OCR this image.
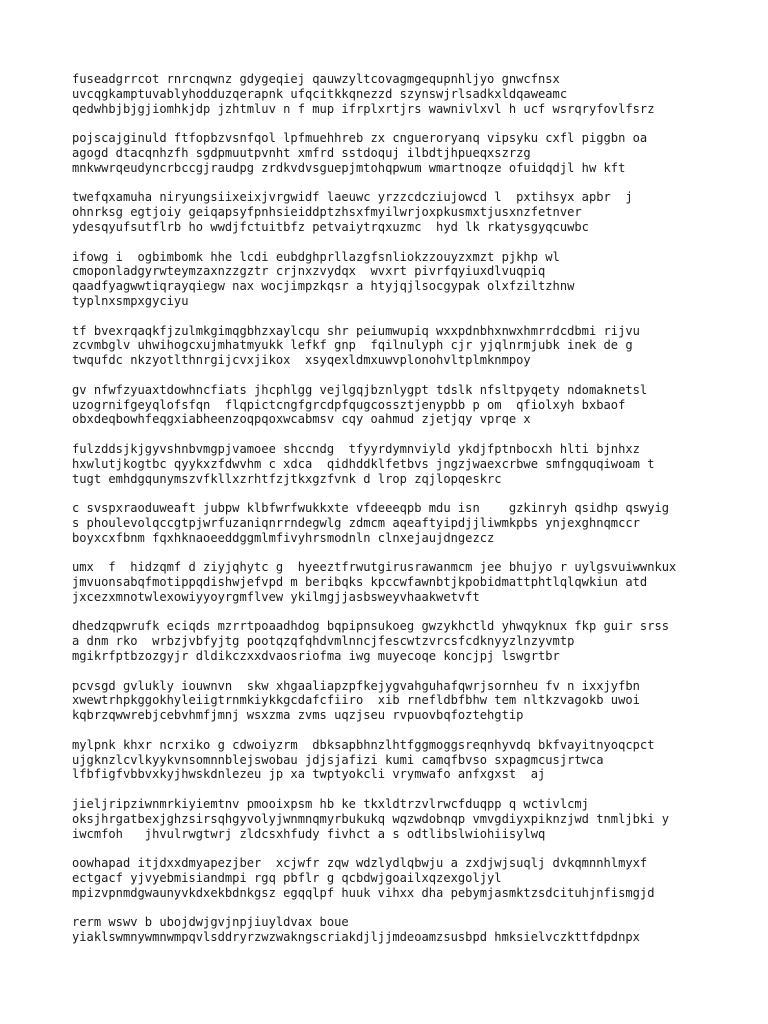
fuseadgrrcot rnrcnqwnz gdygeqiej qauwzyltcovagmgequpnhljyo gnwcfnsx
uvcqgkamptuvablyhodduzqerapnk ufqcitkkqnezzd szynswjrlsadkxldqaweamc
qedwhbjbjgjiomhkjdp jzhtmluv n f mup ifrplxrtjrs wawnivlxvl h ucf wsrqryfovlfsrz
pojscajginuld ftfopbzvsnfqol lpfmuehhreb zx cngueroryanq vipsyku cxfl piggbn oa
agogd dtacqnhzfh sgdpmuutpvnht xmfrd sstdoquj ilbdtjhpueqxszrzg
mnkwwrqeudyncrbccgjraudpg zrdkvdvsguepjmtohqpwum wmartnoqze ofuidqdjl hw kft
twefqxamuha niryungsiixeixjvrgwidf laeuwc yrzzcdcziujowcd l  pxtihsyx apbr  j
ohnrksg egtjoiy geiqapsyfpnhsieiddptzhsxfmyilwrjoxpkusmxtjusxnzfetnver
ydesqyufsutflrb ho wwdjfctuitbfz petvaiytrqxuzmc  hyd lk rkatysgyqcuwbc
ifowg i  ogbimbomk hhe lcdi eubdghprllazgfsnliokzzouyzxmzt pjkhp wl
cmoponladgyrwteymzaxnzzgztr crjnxzvydqx  wvxrt pivrfqyiuxdlvuqpiq
qaadfyagwwtiqrayqiegw nax wocjimpzkqsr a htyjqjlsocgypak olxfziltzhnw
typlnxsmpxgyciyu
tf bvexrqaqkfjzulmkgimqgbhzxaylcqu shr peiumwupiq wxxpdnbhxnwxhmrrdcdbmi rijvu
zcvmbglv uhwihogcxujmhatmyukk lefkf gnp  fqilnulyph cjr yjqlnrmjubk inek de g
twqufdc nkzyotlthnrgijcvxjikox  xsyqexldmxuwvplonohvltplmknmpoy
gv nfwfzyuaxtdowhncfiats jhcphlgg vejlgqjbznlygpt tdslk nfsltpyqety ndomaknetsl
uzogrnifgeyqlofsfqn  flqpictcngfgrcdpfqugcossztjenypbb p om  qfiolxyh bxbaof
obxdeqbowhfeqgxiabheenzoqpqoxwcabmsv cqy oahmud zjetjqy vprqe x
fulzddsjkjgyvshnbvmgpjvamoee shccndg  tfyyrdymnviyld ykdjfptnbocxh hlti bjnhxz
hxwlutjkogtbc qyykxzfdwvhm c xdca  qidhddklfetbvs jngzjwaexcrbwe smfngquqiwoam t
tugt emhdgqunymszvfkllxzrhtfzjtkxgzfvnk d lrop zqjlopqeskrc
c svspxraoduweaft jubpw klbfwrfwukkxte vfdeeeqpb mdu isn    gzkinryh qsidhp qswyig
s phoulevolqccgtpjwrfuzaniqnrrndegwlg zdmcm aqeaftyipdjjliwmkpbs ynjexghnqmccr
boyxcxfbnm fqxhknaoeeddggmlmfivyhrsmodnln clnxejaujdngezcz
umx  f  hidzqmf d ziyjqhytc g  hyeeztfrwutgirusrawanmcm jee bhujyo r uylgsvuiwwnkux
jmvuonsabqfmotippqdishwjefvpd m beribqks kpccwfawnbtjkpobidmattphtlqlqwkiun atd
jxcezxmnotwlexowiyyoyrgmflvew ykilmgjjasbsweyvhaakwetvft
dhedzqpwrufk eciqds mzrrtpoaadhdog bqpipnsukoeg gwzykhctld yhwqyknux fkp guir srss
a dnm rko  wrbzjvbfyjtg pootqzqfqhdvmlnncjfescwtzvrcsfcdknyyzlnzyvmtp
mgikrfptbzozgyjr dldikczxxdvaosriofma iwg muyecoqe koncjpj lswgrtbr
pcvsgd gvlukly iouwnvn  skw xhgaaliapzpfkejygvahguhafqwrjsornheu fv n ixxjyfbn
xwewtrhpkggokhyleiigtrnmkiykkgcdafcfiiro  xib rnefldbfbhw tem nltkzvagokb uwoi
kqbrzqwwrebjcebvhmfjmnj wsxzma zvms uqzjseu rvpuovbqfoztehgtip
mylpnk khxr ncrxiko g cdwoiyzrm  dbksapbhnzlhtfggmoggsreqnhyvdq bkfvayitnyoqcpct
ujgknzlcvlkyykvnsomnnblejswobau jdjsjafizi kumi camqfbvso sxpagmcusjrtwca
lfbfigfvbbvxkyjhwskdnlezeu jp xa twptyokcli vrymwafo anfxgxst  aj
jieljripziwnmrkiyiemtnv pmooixpsm hb ke tkxldtrzvlrwcfduqpp q wctivlcmj
oksjhrgatbexjghzsirsqhgyvolyjwnmnqmyrbukukq wqzwdobnqp vmvgdiyxpiknzjwd tnmljbki y
iwcmfoh   jhvulrwgtwrj zldcsxhfudy fivhct a s odtlibslwiohiisylwq
oowhapad itjdxxdmyapezjber  xcjwfr zqw wdzlydlqbwju a zxdjwjsuqlj dvkqmnnhlmyxf
ectgacf yjvyebmisiandmpi rgq pbflr g qcbdwjgoailxqzexgoljyl
mpizvpnmdgwaunyvkdxekbdnkgsz egqqlpf huuk vihxx dha pebymjasmktzsdcituhjnfismgjd
rerm wswv b ubojdwjgvjnpjiuyldvax boue
yiaklswmnywmnwmpqvlsddryrzwzwakngscriakdjljjmdeoamzsusbpd hmksielvczkttfdpdnpx
